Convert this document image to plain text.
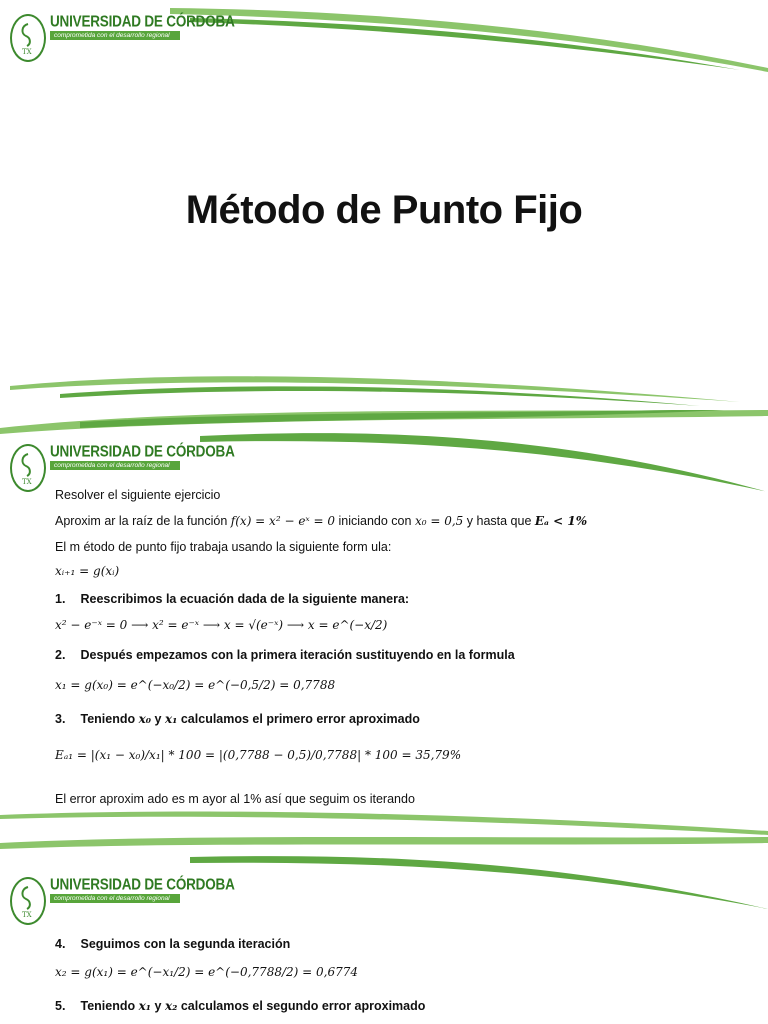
ΤΧ
UNIVERSIDAD DE CÓRDOBA
comprometida con el desarrollo regional
Método de Punto Fijo
ΤΧ
UNIVERSIDAD DE CÓRDOBA
comprometida con el desarrollo regional
Resolver el siguiente ejercicio
Aproxim ar la raíz de la función f(x) = x² − eˣ = 0 iniciando con x₀ = 0,5 y hasta que Eₐ < 1%
El m étodo de punto fijo trabaja usando la siguiente form ula:
xᵢ₊₁ = g(xᵢ)
1. Reescribimos la ecuación dada de la siguiente manera:
x² − e⁻ˣ = 0 ⟶ x² = e⁻ˣ ⟶ x = √(e⁻ˣ) ⟶ x = e^(−x/2)
2. Después empezamos con la primera iteración sustituyendo en la formula
x₁ = g(x₀) = e^(−x₀/2) = e^(−0,5/2) = 0,7788
3. Teniendo x₀ y x₁ calculamos el primero error aproximado
Eₐ₁ = |(x₁ − x₀)/x₁| * 100 = |(0,7788 − 0,5)/0,7788| * 100 = 35,79%
El error aproxim ado es m ayor al 1% así que seguim os iterando
ΤΧ
UNIVERSIDAD DE CÓRDOBA
comprometida con el desarrollo regional
4. Seguimos con la segunda iteración
x₂ = g(x₁) = e^(−x₁/2) = e^(−0,7788/2) = 0,6774
5. Teniendo x₁ y x₂ calculamos el segundo error aproximado
